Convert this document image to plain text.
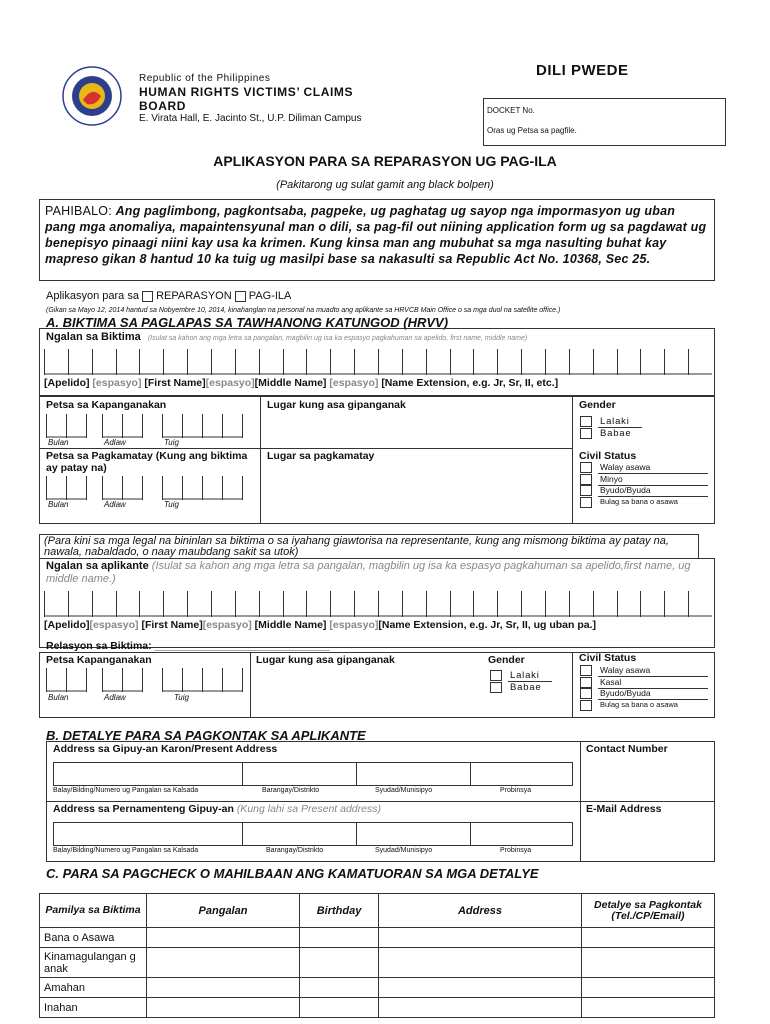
Republic of the Philippines
HUMAN RIGHTS VICTIMS’ CLAIMS
BOARD
E. Virata Hall, E. Jacinto St., U.P. Diliman Campus
DILI PWEDE
DOCKET No.
Oras ug Petsa sa pagfile.
APLIKASYON PARA SA REPARASYON UG PAG-ILA
(Pakitarong ug sulat gamit ang black bolpen)
PAHIBALO: Ang paglimbong, pagkontsaba, pagpeke, ug paghatag ug sayop nga impormasyon ug uban pang mga anomaliya, mapaintensyunal man o dili, sa pag-fil out niining application form ug sa pagdawat ug benepisyo pinaagi niini kay usa ka krimen. Kung kinsa man ang mubuhat sa mga nasulting buhat kay mapreso gikan 8 hantud 10 ka tuig ug masilpi base sa nakasulti sa Republic Act No. 10368, Sec 25.
Aplikasyon para sa REPARASYON PAG-ILA
(Gikan sa Mayo 12, 2014 hantud sa Nobyembre 10, 2014, kinahanglan na personal na muadto ang aplikante sa HRVCB Main Office o sa mga duol na satellite office.)
A. BIKTIMA SA PAGLAPAS SA TAWHANONG KATUNGOD (HRVV)
Ngalan sa Biktima (Isulat sa kahon ang mga letra sa pangalan, magbilin ug isa ka espasyo pagkahuman sa apelido, first name, middle name)
[Apelido] [espasyo] [First Name][espasyo][Middle Name] [espasyo] [Name Extension, e.g. Jr, Sr, II, etc.]
Petsa sa Kapanganakan
Bulan	Adlaw	Tuig
Lugar kung asa gipanganak	Gender
Lalaki
Babae
Petsa sa Pagkamatay (Kung ang biktima ay patay na)
Bulan	Adlaw	Tuig
Lugar sa pagkamatay	Civil Status
Walay asawa
Minyo
Byudo/Byuda
Bulag sa bana o asawa
(Para kini sa mga legal na bininlan sa biktima o sa iyahang giawtorisa na representante, kung ang mismong biktima ay patay na, nawala, nabaldado, o naay maubdang sakit sa utok)
Ngalan sa aplikante (Isulat sa kahon ang mga letra sa pangalan, magbilin ug isa ka espasyo pagkahuman sa apelido,first name, ug middle name.)
[Apelido][espasyo] [First Name][espasyo] [Middle Name] [espasyo][Name Extension, e.g. Jr, Sr, II, ug uban pa.]
Relasyon sa Biktima: ______________________________
Petsa Kapanganakan
Bulan	Adlaw	Tuig
Lugar kung asa gipanganak	Gender
Lalaki
Babae
Civil Status
Walay asawa
Kasal
Byudo/Byuda
Bulag sa bana o asawa
B. DETALYE PARA SA PAGKONTAK SA APLIKANTE
Address sa Gipuy-an Karon/Present Address	Contact Number
Balay/Bilding/Numero ug Pangalan sa Kalsada	Barangay/Distrikto	Syudad/Munisipyo	Probinsya
Address sa Pernamenteng Gipuy-an (Kung lahi sa Present address)	E-Mail Address
Balay/Bilding/Numero ug Pangalan sa Kalsada	Barangay/Distrikto	Syudad/Munisipyo	Probinsya
C. PARA SA PAGCHECK O MAHILBAAN ANG KAMATUORAN SA MGA DETALYE
Pamilya sa Biktima	Pangalan	Birthday	Address	Detalye sa Pagkontak (Tel./CP/Email)
Bana o Asawa				
Kinamagulangan g anak				
Amahan				
Inahan				
